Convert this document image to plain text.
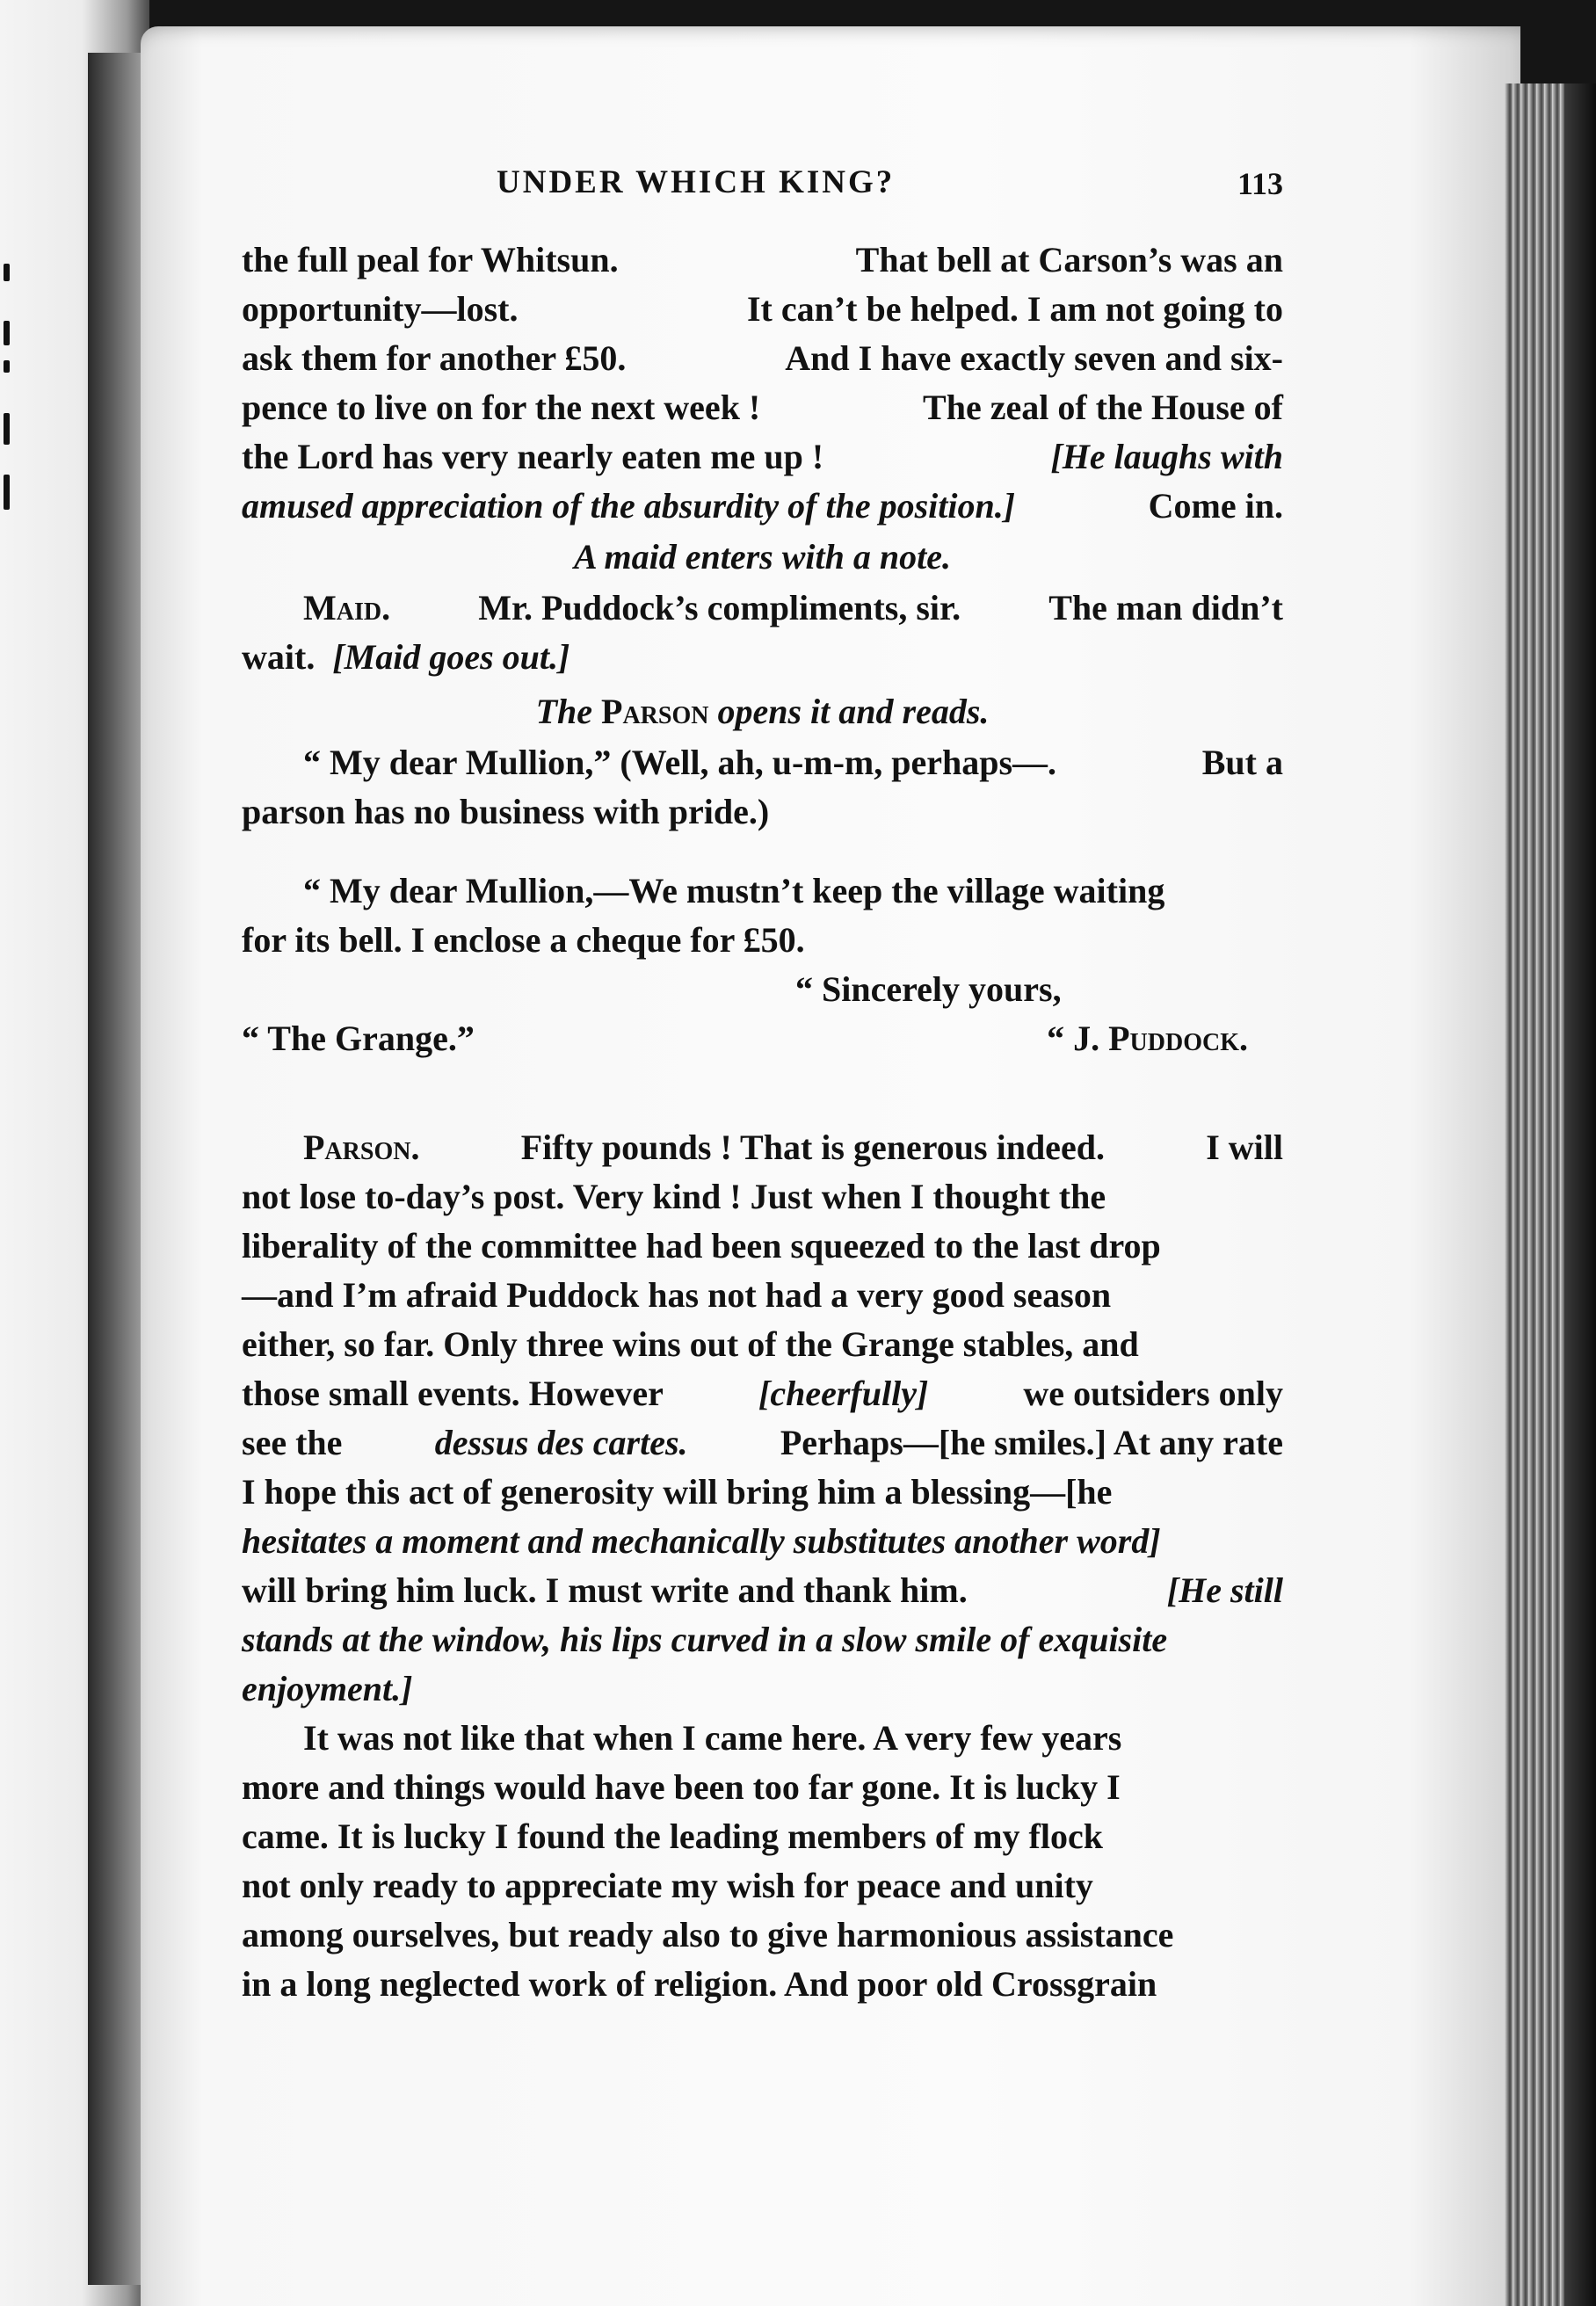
UNDER WHICH KING?	113
the full peal for Whitsun.	That bell at Carson’s was an
opportunity—lost.	It can’t be helped. I am not going to
ask them for another £50.	And I have exactly seven and six-
pence to live on for the next week !	The zeal of the House of
the Lord has very nearly eaten me up !	[He laughs with
amused appreciation of the absurdity of the position.]	Come in.
A maid enters with a note.
Maid.	Mr. Puddock’s compliments, sir.	The man didn’t
wait. [Maid goes out.]
The Parson opens it and reads.
“ My dear Mullion,” (Well, ah, u-m-m, perhaps—.	But a
parson has no business with pride.)
“ My dear Mullion,—We mustn’t keep the village waiting
for its bell. I enclose a cheque for £50.
“ Sincerely yours,
“ The Grange.”	“ J. Puddock.
Parson.	Fifty pounds ! That is generous indeed.	I will
not lose to-day’s post. Very kind ! Just when I thought the
liberality of the committee had been squeezed to the last drop
—and I’m afraid Puddock has not had a very good season
either, so far. Only three wins out of the Grange stables, and
those small events. However	[cheerfully]	we outsiders only
see the	dessus des cartes.	Perhaps—[he smiles.] At any rate
I hope this act of generosity will bring him a blessing—[he
hesitates a moment and mechanically substitutes another word]
will bring him luck. I must write and thank him.	[He still
stands at the window, his lips curved in a slow smile of exquisite
enjoyment.]
It was not like that when I came here. A very few years
more and things would have been too far gone. It is lucky I
came. It is lucky I found the leading members of my flock
not only ready to appreciate my wish for peace and unity
among ourselves, but ready also to give harmonious assistance
in a long neglected work of religion. And poor old Crossgrain
